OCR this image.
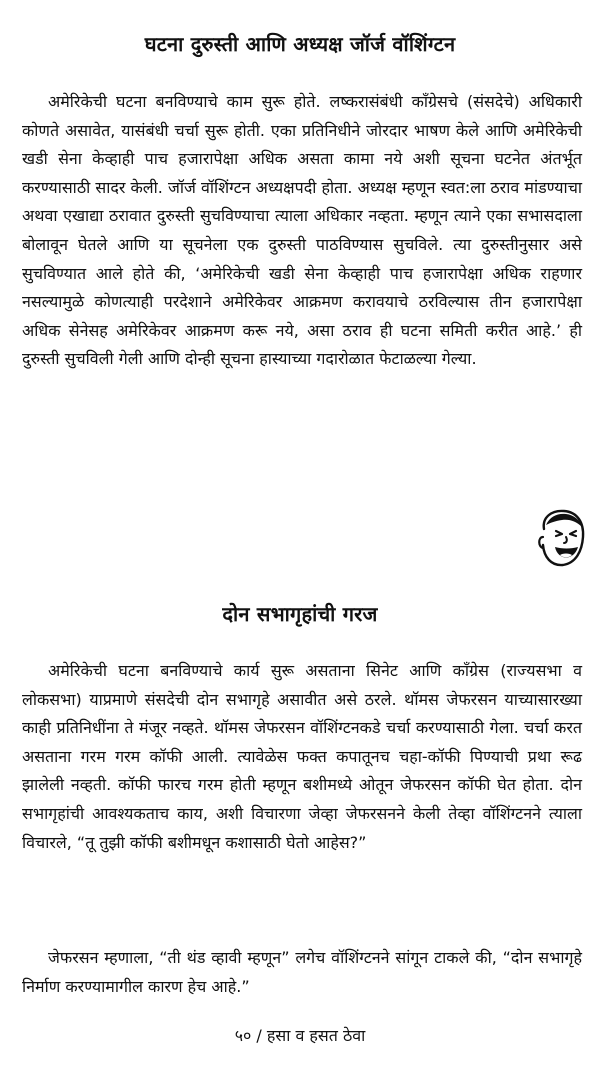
घटना दुरुस्ती आणि अध्यक्ष जॉर्ज वॉशिंग्टन
अमेरिकेची घटना बनविण्याचे काम सुरू होते. लष्करासंबंधी कॉंग्रेसचे (संसदेचे) अधिकारी कोणते असावेत, यासंबंधी चर्चा सुरू होती. एका प्रतिनिधीने जोरदार भाषण केले आणि अमेरिकेची खडी सेना केव्हाही पाच हजारापेक्षा अधिक असता कामा नये अशी सूचना घटनेत अंतर्भूत करण्यासाठी सादर केली. जॉर्ज वॉशिंग्टन अध्यक्षपदी होता. अध्यक्ष म्हणून स्वत:ला ठराव मांडण्याचा अथवा एखाद्या ठरावात दुरुस्ती सुचविण्याचा त्याला अधिकार नव्हता. म्हणून त्याने एका सभासदाला बोलावून घेतले आणि या सूचनेला एक दुरुस्ती पाठविण्यास सुचविले. त्या दुरुस्तीनुसार असे सुचविण्यात आले होते की, ‘अमेरिकेची खडी सेना केव्हाही पाच हजारापेक्षा अधिक राहणार नसल्यामुळे कोणत्याही परदेशाने अमेरिकेवर आक्रमण करावयाचे ठरविल्यास तीन हजारापेक्षा अधिक सेनेसह अमेरिकेवर आक्रमण करू नये, असा ठराव ही घटना समिती करीत आहे.’ ही दुरुस्ती सुचविली गेली आणि दोन्ही सूचना हास्याच्या गदारोळात फेटाळल्या गेल्या.
दोन सभागृहांची गरज
अमेरिकेची घटना बनविण्याचे कार्य सुरू असताना सिनेट आणि कॉंग्रेस (राज्यसभा व लोकसभा) याप्रमाणे संसदेची दोन सभागृहे असावीत असे ठरले. थॉमस जेफरसन याच्यासारख्या काही प्रतिनिधींना ते मंजूर नव्हते. थॉमस जेफरसन वॉशिंग्टनकडे चर्चा करण्यासाठी गेला. चर्चा करत असताना गरम गरम कॉफी आली. त्यावेळेस फक्त कपातूनच चहा-कॉफी पिण्याची प्रथा रूढ झालेली नव्हती. कॉफी फारच गरम होती म्हणून बशीमध्ये ओतून जेफरसन कॉफी घेत होता. दोन सभागृहांची आवश्यकताच काय, अशी विचारणा जेव्हा जेफरसनने केली तेव्हा वॉशिंग्टनने त्याला विचारले, “तू तुझी कॉफी बशीमधून कशासाठी घेतो आहेस?”
जेफरसन म्हणाला, “ती थंड व्हावी म्हणून” लगेच वॉशिंग्टनने सांगून टाकले की, “दोन सभागृहे निर्माण करण्यामागील कारण हेच आहे.”
५० / हसा व हसत ठेवा
